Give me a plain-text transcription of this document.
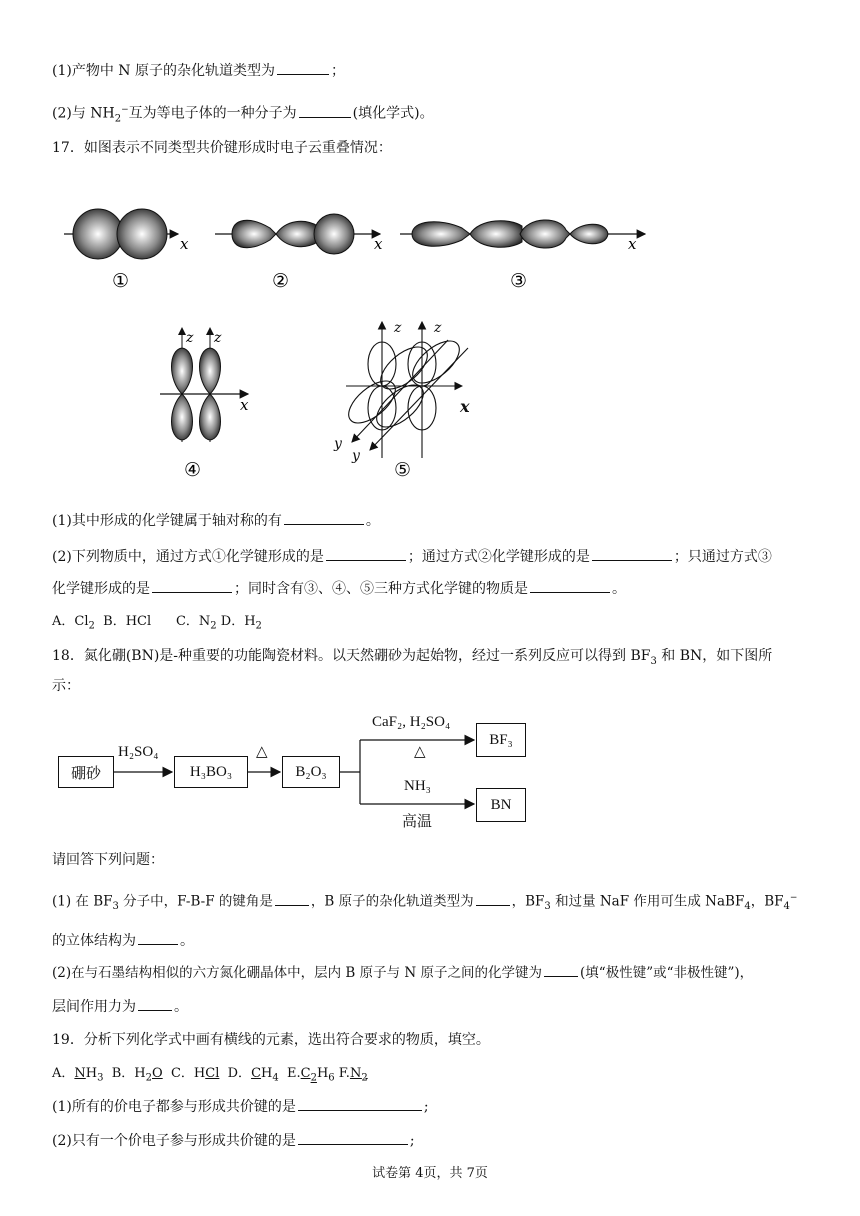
(1)产物中 N 原子的杂化轨道类型为	；
(2)与 $NH_2^-$互为等电子体的一种分子为	(填化学式)。
17．如图表示不同类型共价键形成时电子云重叠情况：
x
①
x
②
x
③
z z
x
④
z z
x
y
y
⑤
(1)其中形成的化学键属于轴对称的有	。
(2)下列物质中，通过方式①化学键形成的是	；通过方式②化学键形成的是	；只通过方式③
化学键形成的是	；同时含有③、④、⑤三种方式化学键的物质是	。
A．$Cl_2$ B．HCl C．$N_2$ D．$H_2$
18．氮化硼(BN)是-种重要的功能陶瓷材料。以天然硼砂为起始物，经过一系列反应可以得到 $BF_3$ 和 BN，如下图所
示：
硼砂
H₂SO₄
H₃BO₃
△
B₂O₃
CaF₂, H₂SO₄
△
BF₃
NH₃
高温
BN
请回答下列问题：
(1) 在 $BF_3$ 分子中，F-B-F 的键角是	，B 原子的杂化轨道类型为	，$BF_3$ 和过量 NaF 作用可生成 NaBF$_4$，$BF_4^-$
的立体结构为	。
(2)在与石墨结构相似的六方氮化硼晶体中，层内 B 原子与 N 原子之间的化学键为	(填“极性键”或“非极性键”)，
层间作用力为	。
19．分析下列化学式中画有横线的元素，选出符合要求的物质，填空。
A．$NH_3$  B．$H_2O$  C．HCl  D．$CH_4$  $E.C_2H_6$ $F.N_2$
(1)所有的价电子都参与形成共价键的是	;
(2)只有一个价电子参与形成共价键的是	;
试卷第 4页，共 7页
